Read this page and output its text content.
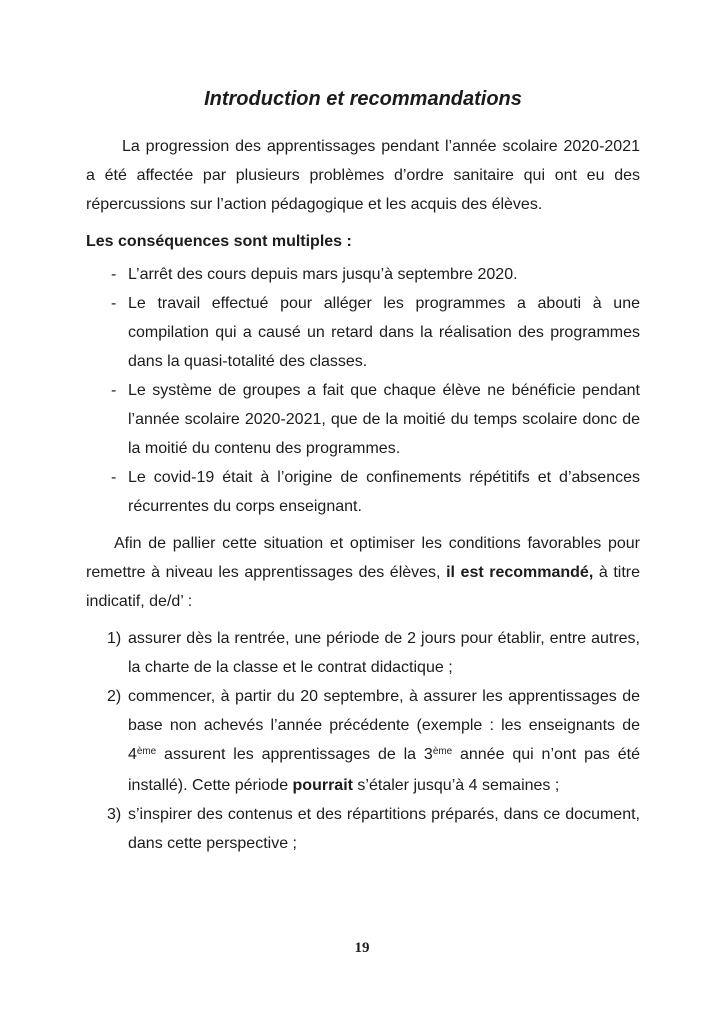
Introduction et recommandations

La progression des apprentissages pendant l’année scolaire 2020-2021 a été affectée par plusieurs problèmes d’ordre sanitaire qui ont eu des répercussions sur l’action pédagogique et les acquis des élèves.

Les conséquences sont multiples :

- L’arrêt des cours depuis mars jusqu’à septembre 2020.
- Le travail effectué pour alléger les programmes a abouti à une compilation qui a causé un retard dans la réalisation des programmes dans la quasi-totalité des classes.
- Le système de groupes a fait que chaque élève ne bénéficie pendant l’année scolaire 2020-2021, que de la moitié du temps scolaire donc de la moitié du contenu des programmes.
- Le covid-19 était à l’origine de confinements répétitifs et d’absences récurrentes du corps enseignant.

Afin de pallier cette situation et optimiser les conditions favorables pour remettre à niveau les apprentissages des élèves, il est recommandé, à titre indicatif, de/d’ :

1) assurer dès la rentrée, une période de 2 jours pour établir, entre autres, la charte de la classe et le contrat didactique ;
2) commencer, à partir du 20 septembre, à assurer les apprentissages de base non achevés l’année précédente (exemple : les enseignants de 4ème assurent les apprentissages de la 3ème année qui n’ont pas été installé). Cette période pourrait s’étaler jusqu’à 4 semaines ;
3) s’inspirer des contenus et des répartitions préparés, dans ce document, dans cette perspective ;
19
